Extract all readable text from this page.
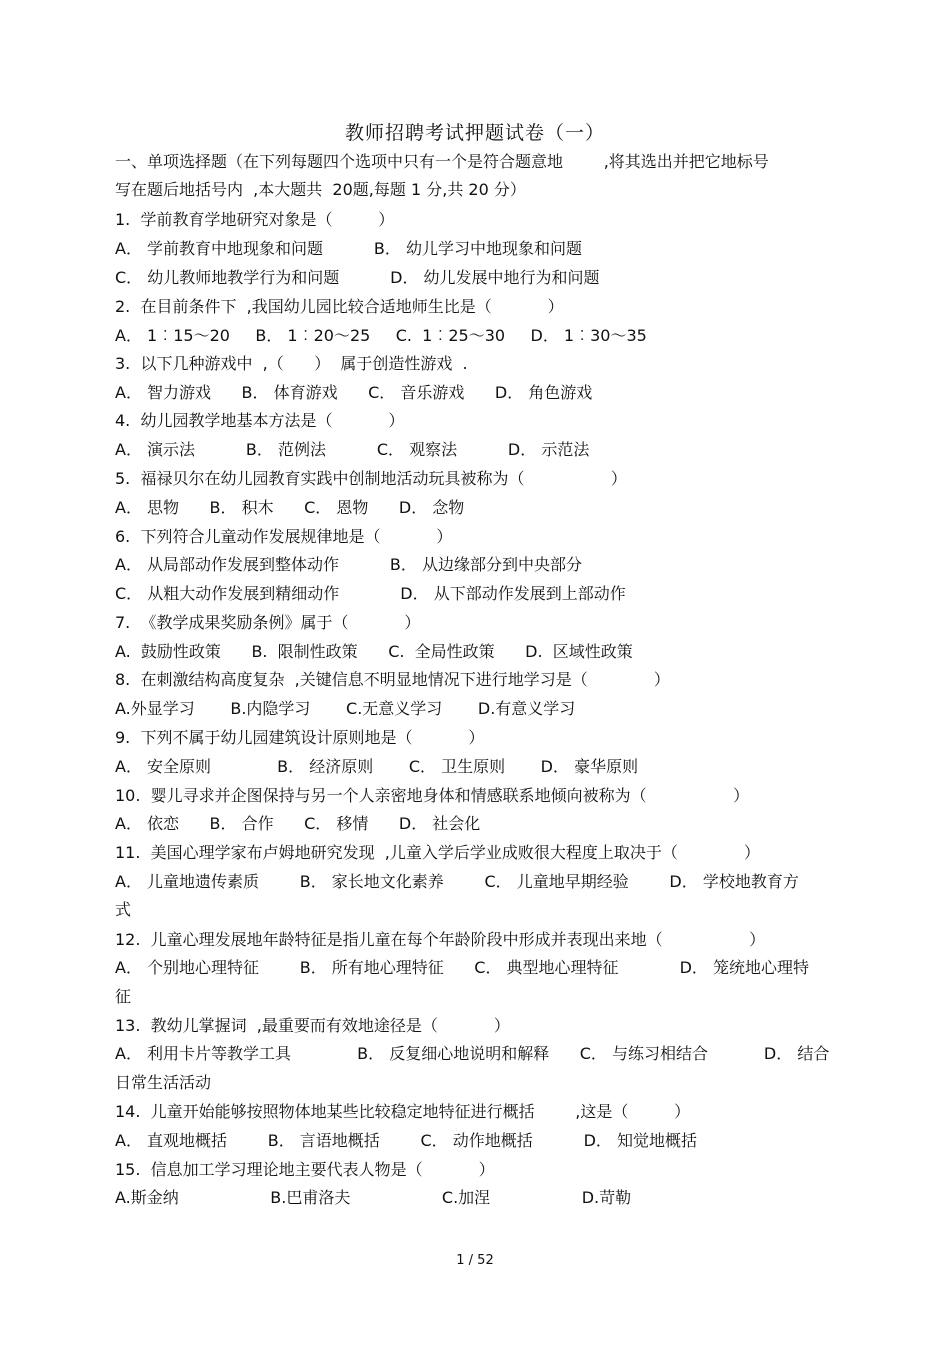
教师招聘考试押题试卷（一）
一、单项选择题（在下列每题四个选项中只有一个是符合题意地        ,将其选出并把它地标号
写在题后地括号内  ,本大题共  20题,每题 1 分,共 20 分）
1.  学前教育学地研究对象是（         ）
A． 学前教育中地现象和问题          B． 幼儿学习中地现象和问题
C． 幼儿教师地教学行为和问题          D． 幼儿发展中地行为和问题
2.  在目前条件下  ,我国幼儿园比较合适地师生比是（           ）
A． 1︰15～20     B． 1︰20～25     C.  1︰25～30     D． 1︰30～35
3.  以下几种游戏中  ,（      ）  属于创造性游戏  .
A． 智力游戏      B． 体育游戏      C． 音乐游戏      D． 角色游戏
4.  幼儿园教学地基本方法是（           ）
A． 演示法          B． 范例法          C． 观察法          D． 示范法
5.  福禄贝尔在幼儿园教育实践中创制地活动玩具被称为（                 ）
A． 思物      B． 积木      C． 恩物      D． 念物
6.  下列符合儿童动作发展规律地是（           ）
A． 从局部动作发展到整体动作          B． 从边缘部分到中央部分
C． 从粗大动作发展到精细动作            D． 从下部动作发展到上部动作
7.  《教学成果奖励条例》属于（           ）
A.  鼓励性政策      B.  限制性政策      C.  全局性政策      D.  区域性政策
8.  在刺激结构高度复杂  ,关键信息不明显地情况下进行地学习是（             ）
A.外显学习       B.内隐学习       C.无意义学习       D.有意义学习
9.  下列不属于幼儿园建筑设计原则地是（           ）
A． 安全原则             B． 经济原则       C． 卫生原则       D． 豪华原则
10.  婴儿寻求并企图保持与另一个人亲密地身体和情感联系地倾向被称为（                 ）
A． 依恋      B． 合作      C． 移情      D． 社会化
11.  美国心理学家布卢姆地研究发现  ,儿童入学后学业成败很大程度上取决于（             ）
A． 儿童地遗传素质        B． 家长地文化素养        C． 儿童地早期经验        D． 学校地教育方
式
12.  儿童心理发展地年龄特征是指儿童在每个年龄阶段中形成并表现出来地（                 ）
A． 个别地心理特征        B． 所有地心理特征      C． 典型地心理特征            D． 笼统地心理特
征
13.  教幼儿掌握词  ,最重要而有效地途径是（           ）
A． 利用卡片等教学工具             B． 反复细心地说明和解释      C． 与练习相结合           D． 结合
日常生活活动
14.  儿童开始能够按照物体地某些比较稳定地特征进行概括        ,这是（         ）
A． 直观地概括        B． 言语地概括        C． 动作地概括          D． 知觉地概括
15.  信息加工学习理论地主要代表人物是（           ）
A.斯金纳                  B.巴甫洛夫                  C.加涅                  D.苛勒
1 / 52
